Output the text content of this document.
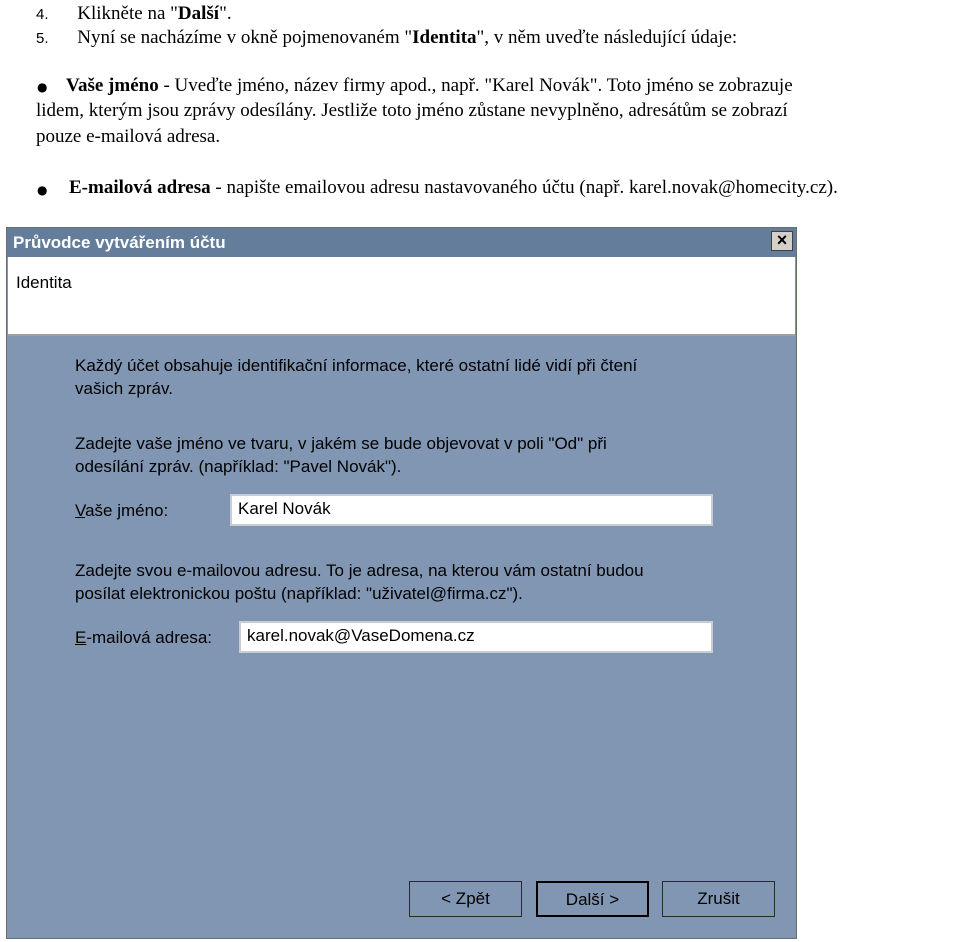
4. Klikněte na "Další".
5. Nyní se nacházíme v okně pojmenovaném "Identita", v něm uveďte následující údaje:
● Vaše jméno - Uveďte jméno, název firmy apod., např. "Karel Novák". Toto jméno se zobrazuje
lidem, kterým jsou zprávy odesílány. Jestliže toto jméno zůstane nevyplněno, adresátům se zobrazí
pouze e-mailová adresa.
● E-mailová adresa - napište emailovou adresu nastavovaného účtu (např. karel.novak@homecity.cz).
Průvodce vytvářením účtu	×
Identita
Každý účet obsahuje identifikační informace, které ostatní lidé vidí při čtení
vašich zpráv.
Zadejte vaše jméno ve tvaru, v jakém se bude objevovat v poli "Od" při
odesílání zpráv. (například: "Pavel Novák").
Vaše jméno:	Karel Novák
Zadejte svou e-mailovou adresu. To je adresa, na kterou vám ostatní budou
posílat elektronickou poštu (například: "uživatel@firma.cz").
E-mailová adresa:	karel.novak@VaseDomena.cz
< Zpět	Další >	Zrušit
